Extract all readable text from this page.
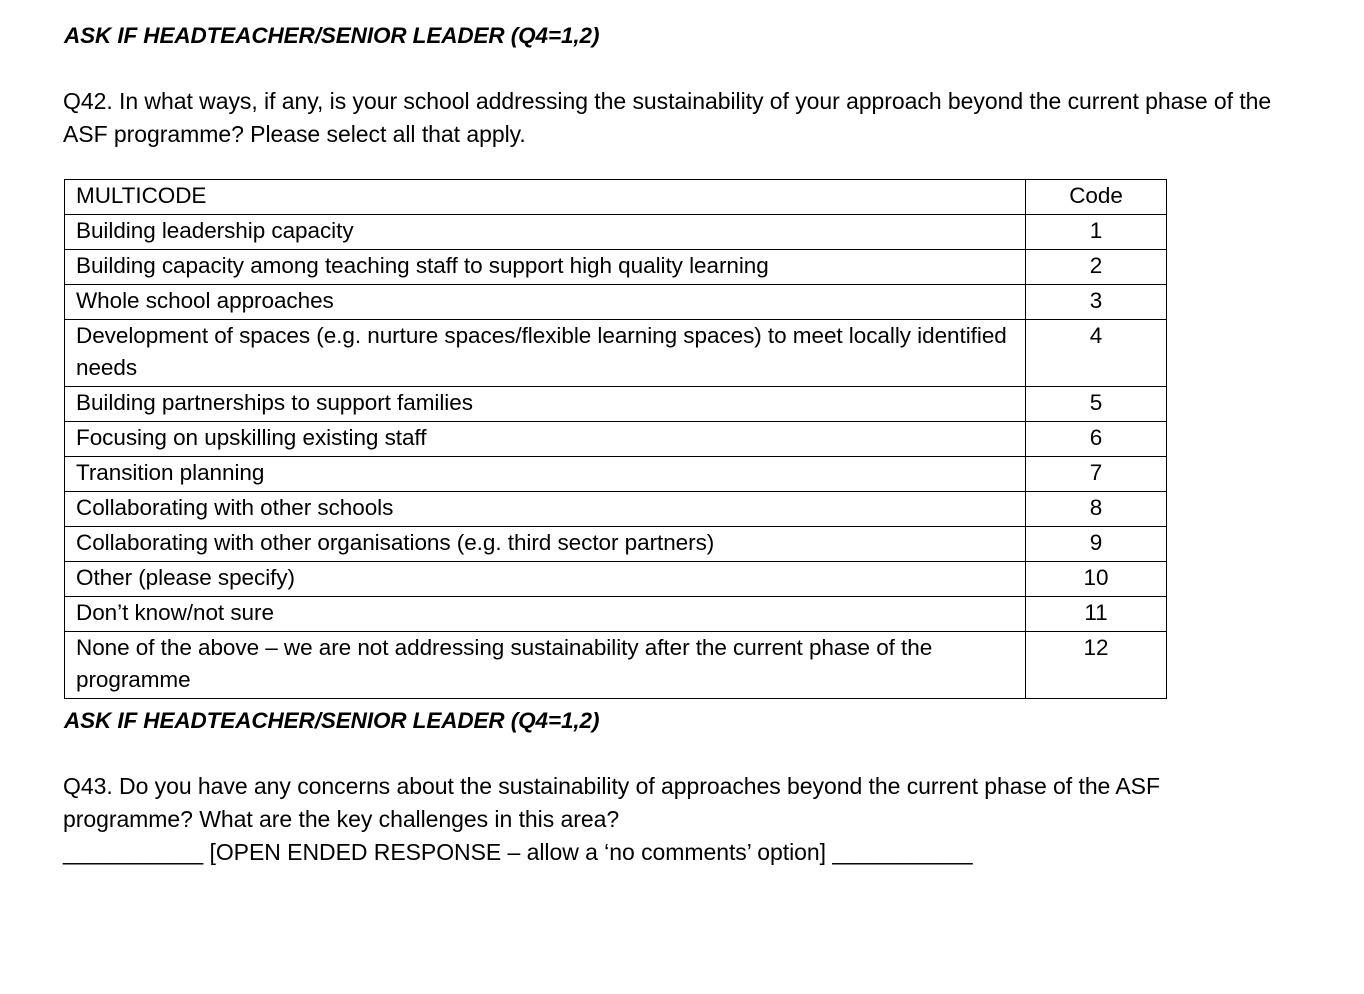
ASK IF HEADTEACHER/SENIOR LEADER (Q4=1,2)
Q42. In what ways, if any, is your school addressing the sustainability of your approach beyond the current phase of the ASF programme? Please select all that apply.
MULTICODE	Code
Building leadership capacity	1
Building capacity among teaching staff to support high quality learning	2
Whole school approaches	3
Development of spaces (e.g. nurture spaces/flexible learning spaces) to meet locally identified needs	4
Building partnerships to support families	5
Focusing on upskilling existing staff	6
Transition planning	7
Collaborating with other schools	8
Collaborating with other organisations (e.g. third sector partners)	9
Other (please specify)	10
Don’t know/not sure	11
None of the above – we are not addressing sustainability after the current phase of the programme	12
ASK IF HEADTEACHER/SENIOR LEADER (Q4=1,2)
Q43. Do you have any concerns about the sustainability of approaches beyond the current phase of the ASF programme? What are the key challenges in this area?
___________ [OPEN ENDED RESPONSE – allow a ‘no comments’ option] ___________
